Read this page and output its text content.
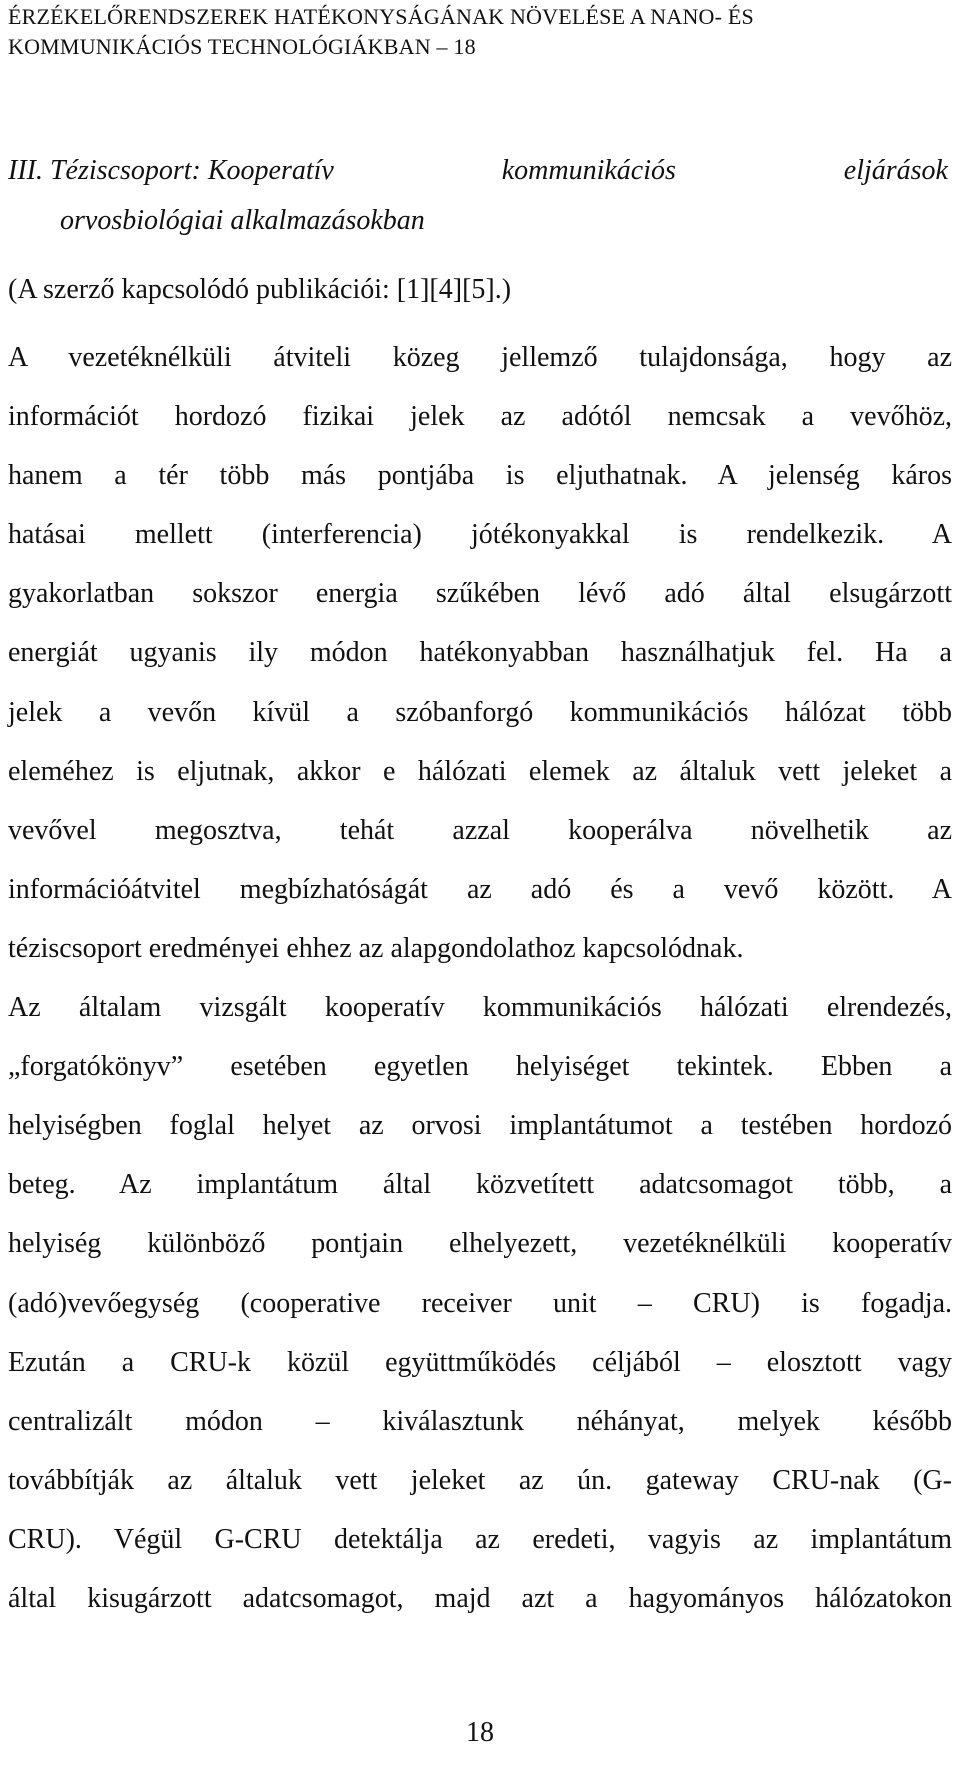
ÉRZÉKELŐRENDSZEREK HATÉKONYSÁGÁNAK NÖVELÉSE A NANO- ÉS
KOMMUNIKÁCIÓS TECHNOLÓGIÁKBAN – 18
III. Téziscsoport: Kooperatív	kommunikációs	eljárások
orvosbiológiai alkalmazásokban
(A szerző kapcsolódó publikációi: [1][4][5].)
A vezetéknélküli átviteli közeg jellemző tulajdonsága, hogy az
információt hordozó fizikai jelek az adótól nemcsak a vevőhöz,
hanem a tér több más pontjába is eljuthatnak. A jelenség káros
hatásai mellett (interferencia) jótékonyakkal is rendelkezik. A
gyakorlatban sokszor energia szűkében lévő adó által elsugárzott
energiát ugyanis ily módon hatékonyabban használhatjuk fel. Ha a
jelek a vevőn kívül a szóbanforgó kommunikációs hálózat több
eleméhez is eljutnak, akkor e hálózati elemek az általuk vett jeleket a
vevővel megosztva, tehát azzal kooperálva növelhetik az
információátvitel megbízhatóságát az adó és a vevő között. A
téziscsoport eredményei ehhez az alapgondolathoz kapcsolódnak.
Az általam vizsgált kooperatív kommunikációs hálózati elrendezés,
„forgatókönyv” esetében egyetlen helyiséget tekintek. Ebben a
helyiségben foglal helyet az orvosi implantátumot a testében hordozó
beteg. Az implantátum által közvetített adatcsomagot több, a
helyiség különböző pontjain elhelyezett, vezetéknélküli kooperatív
(adó)vevőegység (cooperative receiver unit – CRU) is fogadja.
Ezután a CRU-k közül együttműködés céljából – elosztott vagy
centralizált módon – kiválasztunk néhányat, melyek később
továbbítják az általuk vett jeleket az ún. gateway CRU-nak (G-
CRU). Végül G-CRU detektálja az eredeti, vagyis az implantátum
által kisugárzott adatcsomagot, majd azt a hagyományos hálózatokon
18
